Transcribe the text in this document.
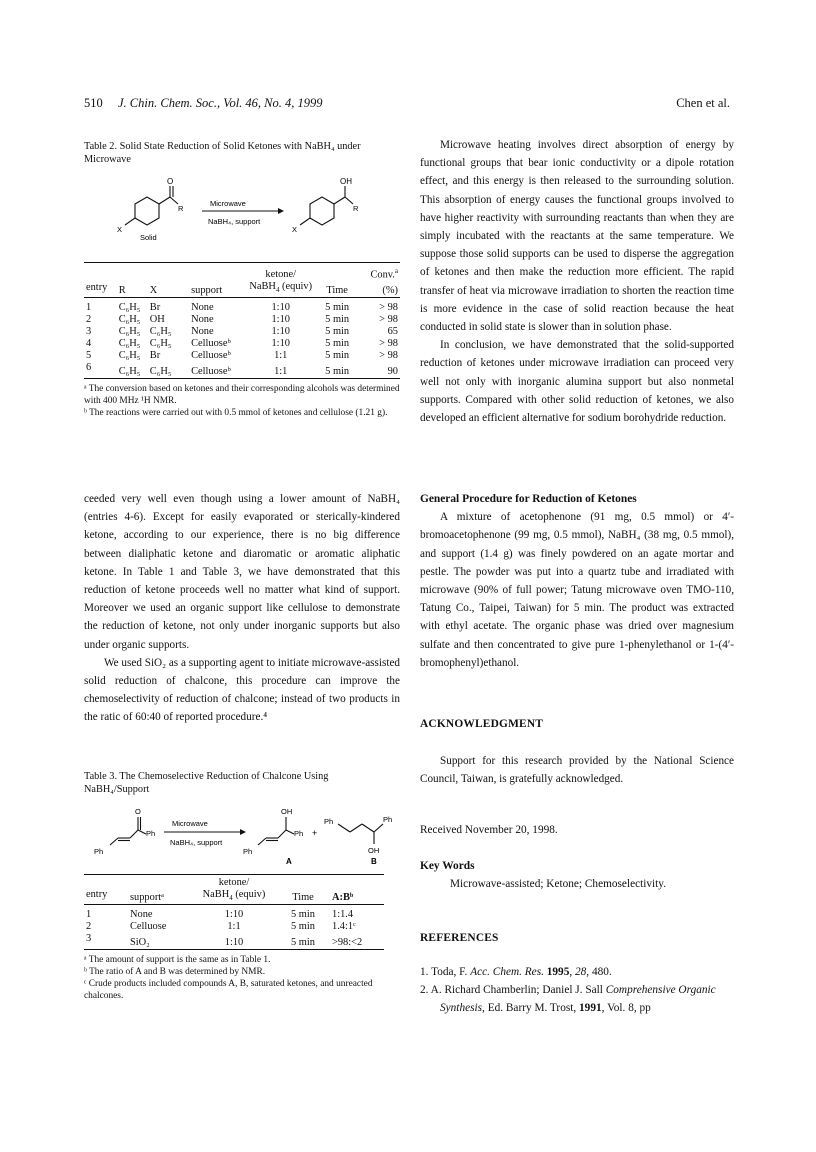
510 J. Chin. Chem. Soc., Vol. 46, No. 4, 1999	Chen et al.
Table 2. Solid State Reduction of Solid Ketones with NaBH₄ under Microwave
O
R
X
Solid
Microwave
NaBH₄, support
OH
R
X
				ketone/		Conv.$^a$
entry	R	X	support	NaBH$_4$ (equiv)	Time	(%)
1	C₆H₅	Br	None	1:10	5 min	> 98
2	C₆H₅	OH	None	1:10	5 min	> 98
3	C₆H₅	C₆H₅	None	1:10	5 min	65
4	C₆H₅	C₆H₅	Celluoseᵇ	1:10	5 min	> 98
5	C₆H₅	Br	Celluoseᵇ	1:1	5 min	> 98
6	C₆H₅	C₆H₅	Celluoseᵇ	1:1	5 min	90
ᵃ The conversion based on ketones and their corresponding alcohols was determined with 400 MHz ¹H NMR.
ᵇ The reactions were carried out with 0.5 mmol of ketones and cellulose (1.21 g).

ceeded very well even though using a lower amount of NaBH₄ (entries 4-6). Except for easily evaporated or sterically-kindered ketone, according to our experience, there is no big difference between dialiphatic ketone and diaromatic or aromatic aliphatic ketone. In Table 1 and Table 3, we have demonstrated that this reduction of ketone proceeds well no matter what kind of support. Moreover we used an organic support like cellulose to demonstrate the reduction of ketone, not only under inorganic supports but also under organic supports.

We used SiO₂ as a supporting agent to initiate microwave-assisted solid reduction of chalcone, this procedure can improve the chemoselectivity of reduction of chalcone; instead of two products in the ratic of 60:40 of reported procedure.⁴

Table 3. The Chemoselective Reduction of Chalcone Using NaBH₄/Support
O
Ph
Ph
Microwave
NaBH₄, support
OH
Ph
Ph
A
+
Ph	Ph
OH
B
		ketone/		
entry	supportᵃ	NaBH$_4$ (equiv)	Time	A:Bᵇ
1	None	1:10	5 min	1:1.4
2	Celluose	1:1	5 min	1.4:1ᶜ
3	SiO₂	1:10	5 min	>98:<2
ᵃ The amount of support is the same as in Table 1.
ᵇ The ratio of A and B was determined by NMR.
ᶜ Crude products included compounds A, B, saturated ketones, and unreacted chalcones.

Microwave heating involves direct absorption of energy by functional groups that bear ionic conductivity or a dipole rotation effect, and this energy is then released to the surrounding solution. This absorption of energy causes the functional groups involved to have higher reactivity with surrounding reactants than when they are simply incubated with the reactants at the same temperature. We suppose those solid supports can be used to disperse the aggregation of ketones and then make the reduction more efficient. The rapid transfer of heat via microwave irradiation to shorten the reaction time is more evidence in the case of solid reaction because the heat conducted in solid state is slower than in solution phase.

In conclusion, we have demonstrated that the solid-supported reduction of ketones under microwave irradiation can proceed very well not only with inorganic alumina support but also nonmetal supports. Compared with other solid reduction of ketones, we also developed an efficient alternative for sodium borohydride reduction.

General Procedure for Reduction of Ketones

A mixture of acetophenone (91 mg, 0.5 mmol) or 4′-bromoacetophenone (99 mg, 0.5 mmol), NaBH₄ (38 mg, 0.5 mmol), and support (1.4 g) was finely powdered on an agate mortar and pestle. The powder was put into a quartz tube and irradiated with microwave (90% of full power; Tatung microwave oven TMO-110, Tatung Co., Taipei, Taiwan) for 5 min. The product was extracted with ethyl acetate. The organic phase was dried over magnesium sulfate and then concentrated to give pure 1-phenylethanol or 1-(4′-bromophenyl)ethanol.

ACKNOWLEDGMENT

Support for this research provided by the National Science Council, Taiwan, is gratefully acknowledged.

Received November 20, 1998.
Key Words
Microwave-assisted; Ketone; Chemoselectivity.
REFERENCES
1. Toda, F. Acc. Chem. Res. 1995, 28, 480.
2. A. Richard Chamberlin; Daniel J. Sall Comprehensive Organic Synthesis, Ed. Barry M. Trost, 1991, Vol. 8, pp
